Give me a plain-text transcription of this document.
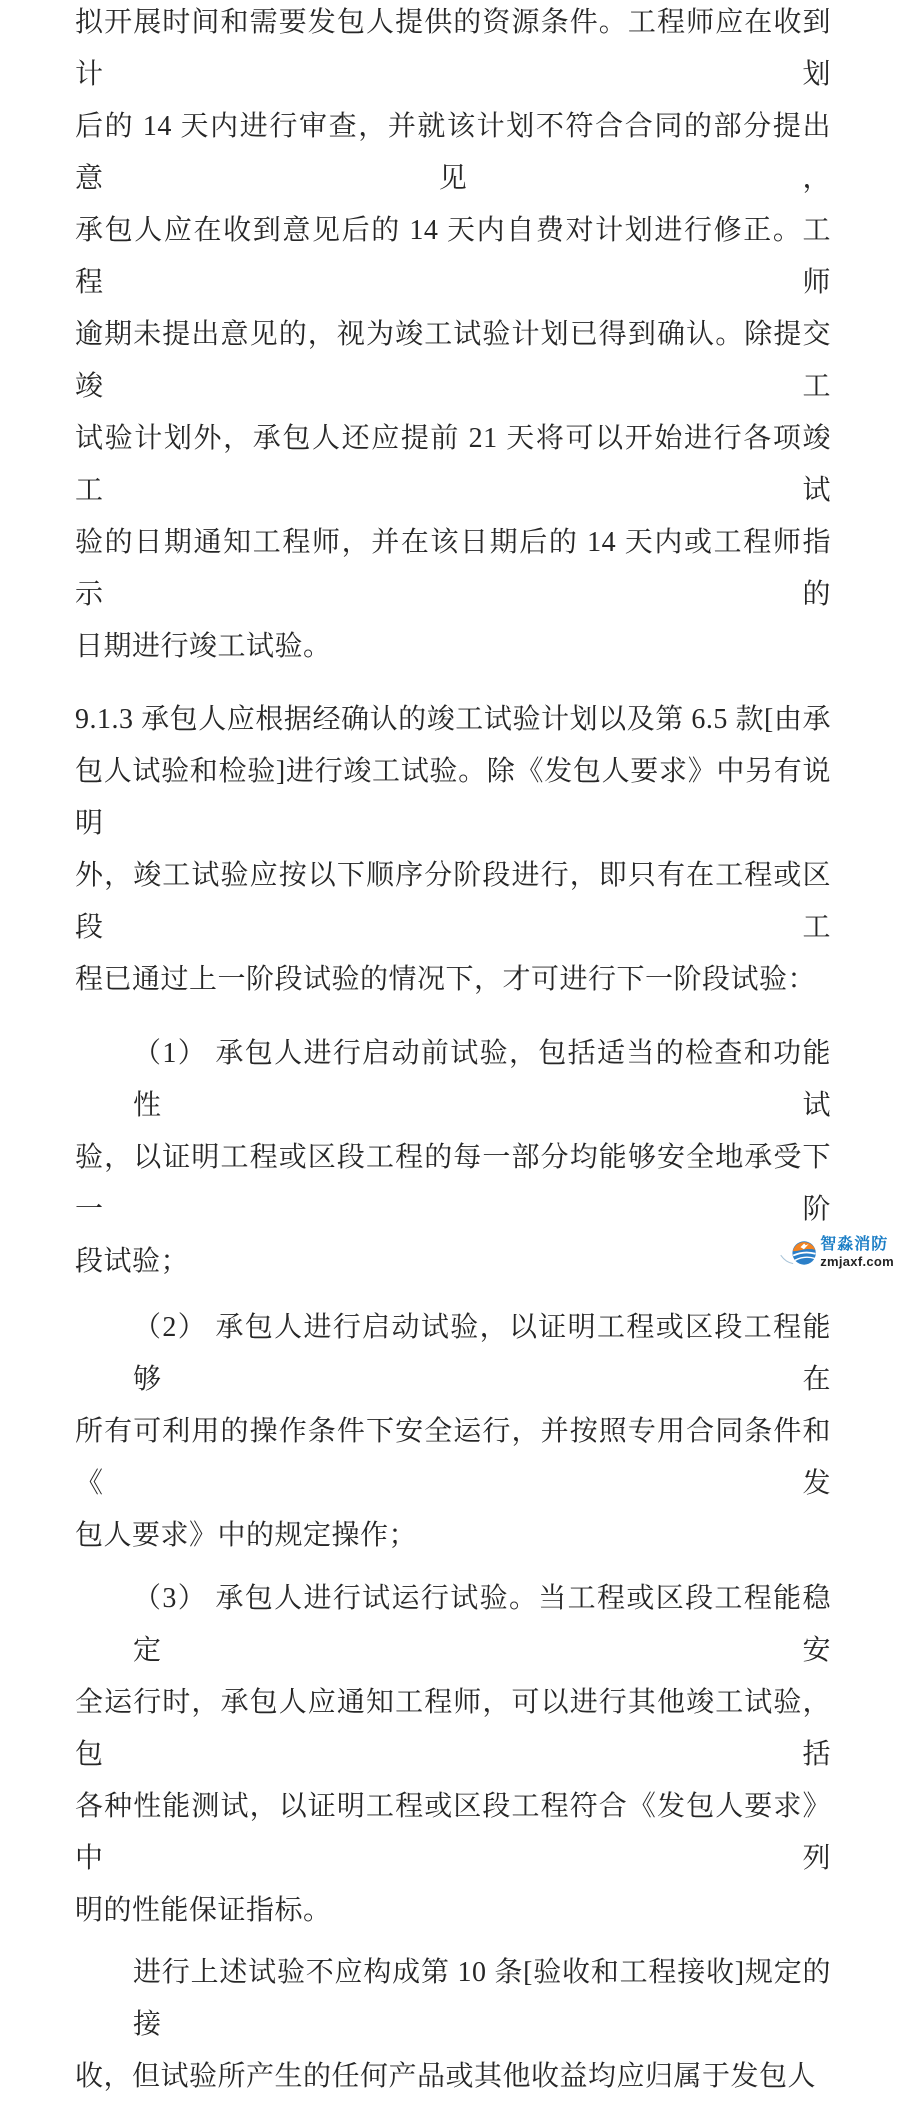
拟开展时间和需要发包人提供的资源条件。工程师应在收到计划
后的 14 天内进行审查，并就该计划不符合合同的部分提出意见，
承包人应在收到意见后的 14 天内自费对计划进行修正。工程师
逾期未提出意见的，视为竣工试验计划已得到确认。除提交竣工
试验计划外，承包人还应提前 21 天将可以开始进行各项竣工试
验的日期通知工程师，并在该日期后的 14 天内或工程师指示的
日期进行竣工试验。
9.1.3 承包人应根据经确认的竣工试验计划以及第 6.5 款[由承
包人试验和检验]进行竣工试验。除《发包人要求》中另有说明
外，竣工试验应按以下顺序分阶段进行，即只有在工程或区段工
程已通过上一阶段试验的情况下，才可进行下一阶段试验：
（1） 承包人进行启动前试验，包括适当的检查和功能性试
验，以证明工程或区段工程的每一部分均能够安全地承受下一阶
段试验；
（2） 承包人进行启动试验，以证明工程或区段工程能够在
所有可利用的操作条件下安全运行，并按照专用合同条件和《发
包人要求》中的规定操作；
（3） 承包人进行试运行试验。当工程或区段工程能稳定安
全运行时，承包人应通知工程师，可以进行其他竣工试验，包括
各种性能测试，以证明工程或区段工程符合《发包人要求》中列
明的性能保证指标。
进行上述试验不应构成第 10 条[验收和工程接收]规定的接
收，但试验所产生的任何产品或其他收益均应归属于发包人
智淼消防
zmjaxf.com
